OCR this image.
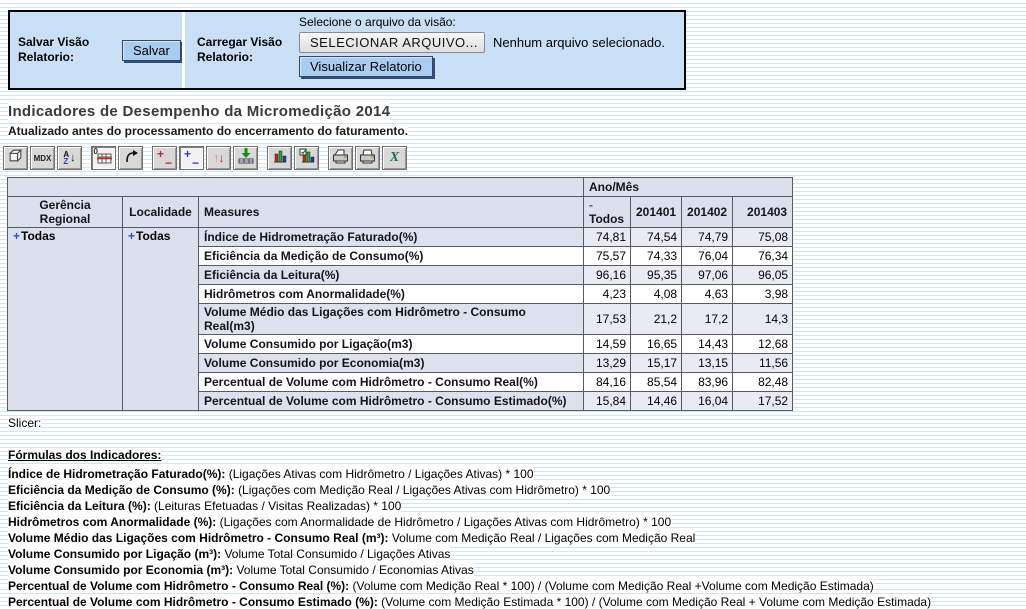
Salvar Visão Relatorio:	Salvar
Carregar Visão Relatorio:
Selecione o arquivo da visão:
SELECIONAR ARQUIVO...	Nenhum arquivo selecionado.
Visualizar Relatorio
Indicadores de Desempenho da Micromedição 2014
Atualizado antes do processamento do encerramento do faturamento.
MDX A
Z ↓
0	+
−
+
− ↑↓	X
			Ano/Mês			
Gerência Regional	Localidade	Measures	-Todos	201401	201402	201403
+Todas	+Todas	Índice de Hidrometração Faturado(%)	74,81	74,54	74,79	75,08
		Eficiência da Medição de Consumo(%)	75,57	74,33	76,04	76,34
		Eficiência da Leitura(%)	96,16	95,35	97,06	96,05
		Hidrômetros com Anormalidade(%)	4,23	4,08	4,63	3,98
		Volume Médio das Ligações com Hidrômetro - Consumo Real(m3)	17,53	21,2	17,2	14,3
		Volume Consumido por Ligação(m3)	14,59	16,65	14,43	12,68
		Volume Consumido por Economia(m3)	13,29	15,17	13,15	11,56
		Percentual de Volume com Hidrômetro - Consumo Real(%)	84,16	85,54	83,96	82,48
		Percentual de Volume com Hidrômetro - Consumo Estimado(%)	15,84	14,46	16,04	17,52
Slicer:
Fórmulas dos Indicadores:
Índice de Hidrometração Faturado(%): (Ligações Ativas com Hidrômetro / Ligações Ativas) * 100
Eficiência da Medição de Consumo (%): (Ligações com Medição Real / Ligações Ativas com Hidrômetro) * 100
Eficiência da Leitura (%): (Leituras Efetuadas / Visitas Realizadas) * 100
Hidrômetros com Anormalidade (%): (Ligações com Anormalidade de Hidrômetro / Ligações Ativas com Hidrômetro) * 100
Volume Médio das Ligações com Hidrômetro - Consumo Real (m³): Volume com Medição Real / Ligações com Medição Real
Volume Consumido por Ligação (m³): Volume Total Consumido / Ligações Ativas
Volume Consumido por Economia (m³): Volume Total Consumido / Economias Ativas
Percentual de Volume com Hidrômetro - Consumo Real (%): (Volume com Medição Real * 100) / (Volume com Medição Real +Volume com Medição Estimada)
Percentual de Volume com Hidrômetro - Consumo Estimado (%): (Volume com Medição Estimada * 100) / (Volume com Medição Real + Volume com Medição Estimada)
